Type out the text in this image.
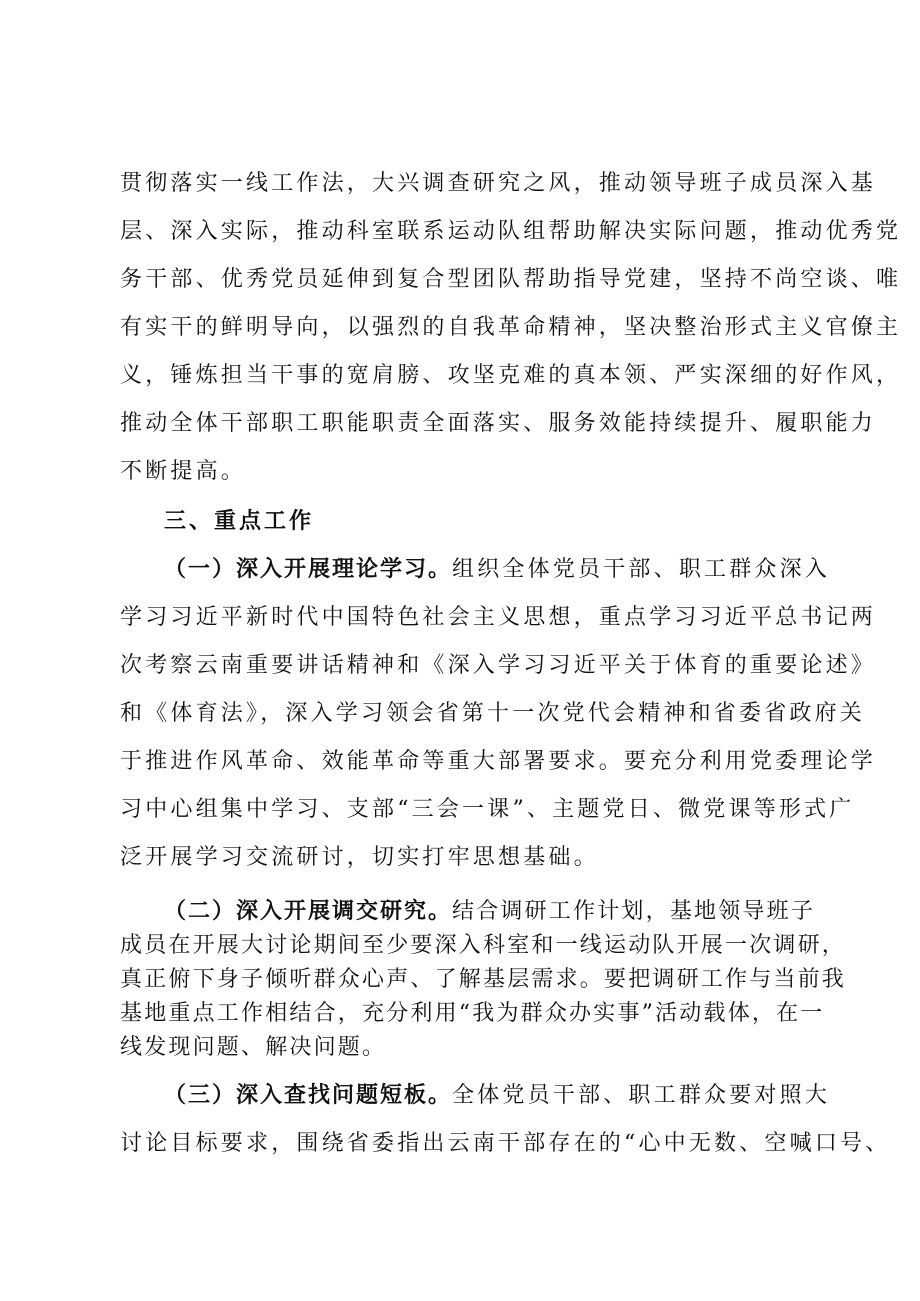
贯彻落实一线工作法，大兴调查研究之风，推动领导班子成员深入基
层、深入实际，推动科室联系运动队组帮助解决实际问题，推动优秀党
务干部、优秀党员延伸到复合型团队帮助指导党建，坚持不尚空谈、唯
有实干的鲜明导向，以强烈的自我革命精神，坚决整治形式主义官僚主
义，锤炼担当干事的宽肩膀、攻坚克难的真本领、严实深细的好作风，
推动全体干部职工职能职责全面落实、服务效能持续提升、履职能力
不断提高。
三、重点工作
（一）深入开展理论学习。组织全体党员干部、职工群众深入
学习习近平新时代中国特色社会主义思想，重点学习习近平总书记两
次考察云南重要讲话精神和《深入学习习近平关于体育的重要论述》
和《体育法》，深入学习领会省第十一次党代会精神和省委省政府关
于推进作风革命、效能革命等重大部署要求。要充分利用党委理论学
习中心组集中学习、支部“三会一课”、主题党日、微党课等形式广
泛开展学习交流研讨，切实打牢思想基础。
（二）深入开展调交研究。结合调研工作计划，基地领导班子
成员在开展大讨论期间至少要深入科室和一线运动队开展一次调研，
真正俯下身子倾听群众心声、了解基层需求。要把调研工作与当前我
基地重点工作相结合，充分利用“我为群众办实事”活动载体，在一
线发现问题、解决问题。
（三）深入查找问题短板。全体党员干部、职工群众要对照大
讨论目标要求，围绕省委指出云南干部存在的“心中无数、空喊口号、
